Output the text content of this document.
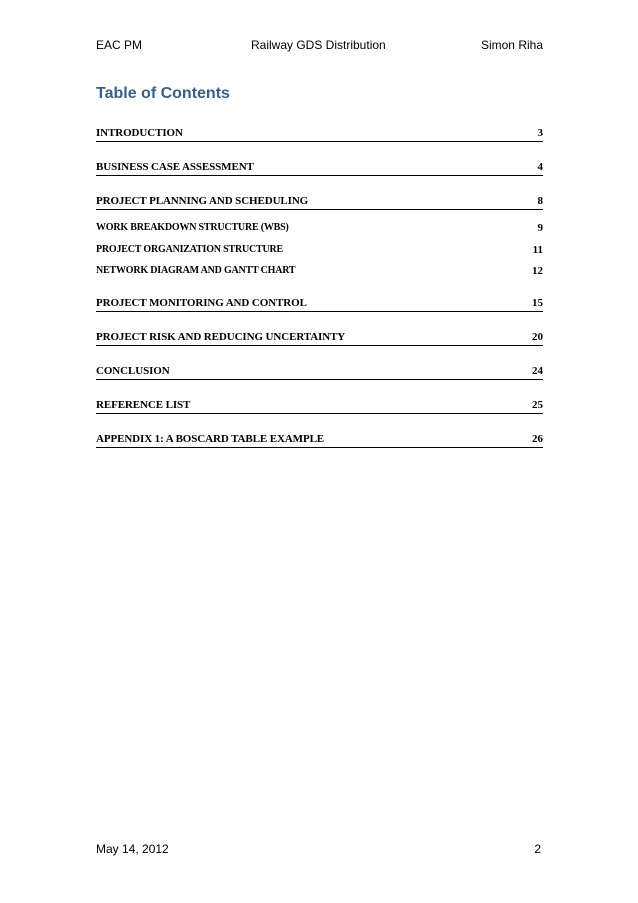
EAC PM	Railway GDS Distribution	Simon Riha
Table of Contents
INTRODUCTION	3
BUSINESS CASE ASSESSMENT	4
PROJECT PLANNING AND SCHEDULING	8
WORK BREAKDOWN STRUCTURE (WBS)	9
PROJECT ORGANIZATION STRUCTURE	11
NETWORK DIAGRAM AND GANTT CHART	12
PROJECT MONITORING AND CONTROL	15
PROJECT RISK AND REDUCING UNCERTAINTY	20
CONCLUSION	24
REFERENCE LIST	25
APPENDIX 1: A BOSCARD TABLE EXAMPLE	26
May 14, 2012	2
